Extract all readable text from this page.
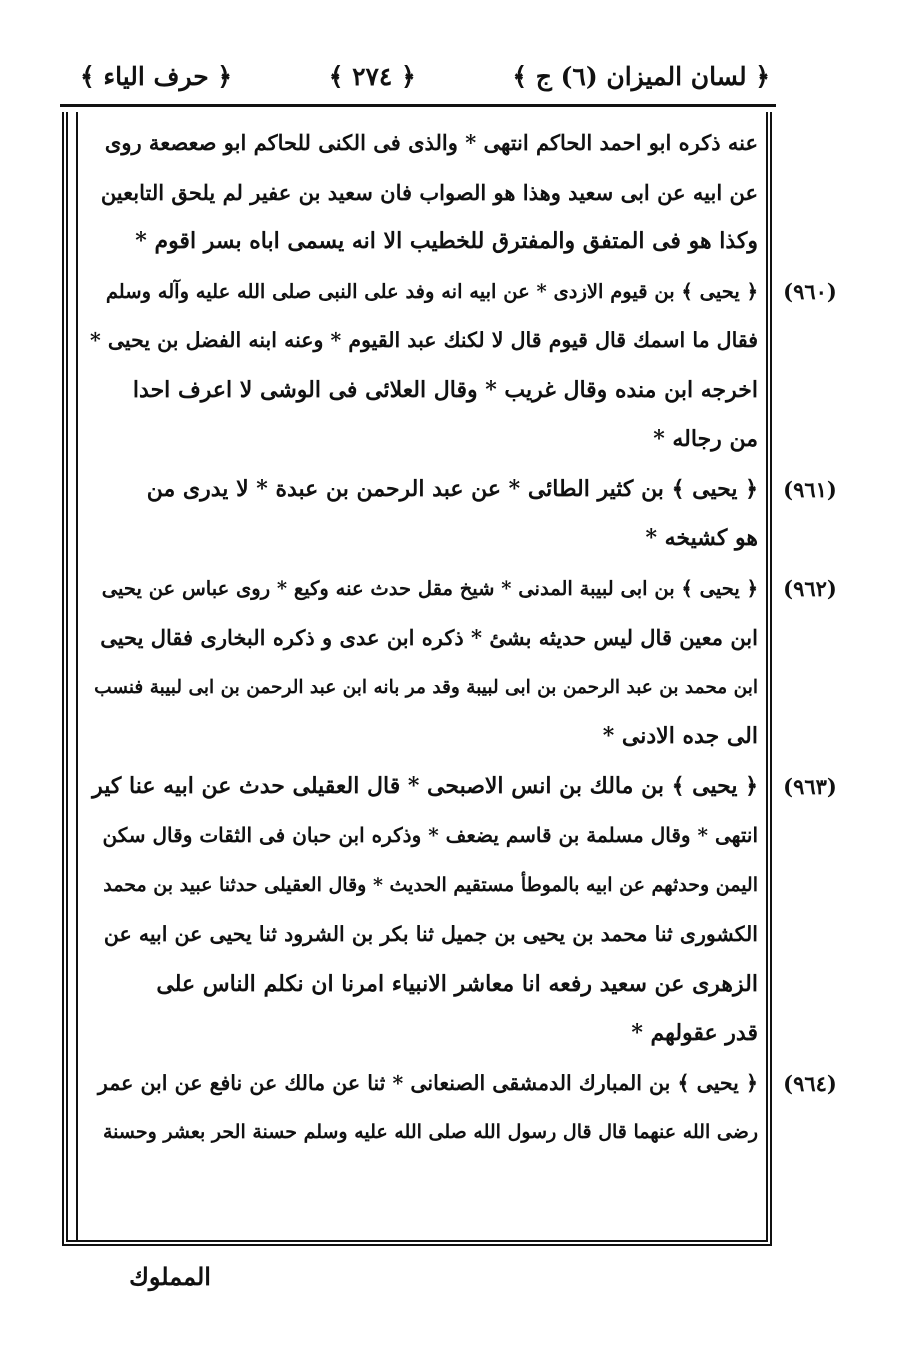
﴿ لسان الميزان (٦) ج ﴾
﴿ ٢٧٤ ﴾
﴿ حرف الياء ﴾
عنه ذكره ابو احمد الحاكم انتهى * والذى فى الكنى للحاكم ابو صعصعة روى
عن ابيه عن ابى سعيد وهذا هو الصواب فان سعيد بن عفير لم يلحق التابعين
وكذا هو فى المتفق والمفترق للخطيب الا انه يسمى اباه بسر اقوم *
﴿ يحيى ﴾ بن قيوم الازدى * عن ابيه انه وفد على النبى صلى الله عليه وآله وسلم
فقال ما اسمك قال قيوم قال لا لكنك عبد القيوم * وعنه ابنه الفضل بن يحيى *
اخرجه ابن منده وقال غريب * وقال العلائى فى الوشى لا اعرف احدا
من رجاله *
﴿ يحيى ﴾ بن كثير الطائى * عن عبد الرحمن بن عبدة * لا يدرى من
هو كشيخه *
﴿ يحيى ﴾ بن ابى لبيبة المدنى * شيخ مقل حدث عنه وكيع * روى عباس عن يحيى
ابن معين قال ليس حديثه بشئ * ذكره ابن عدى و ذكره البخارى فقال يحيى
ابن محمد بن عبد الرحمن بن ابى لبيبة وقد مر بانه ابن عبد الرحمن بن ابى لبيبة فنسب
الى جده الادنى *
﴿ يحيى ﴾ بن مالك بن انس الاصبحى * قال العقيلى حدث عن ابيه عنا كير
انتهى * وقال مسلمة بن قاسم يضعف * وذكره ابن حبان فى الثقات وقال سكن
اليمن وحدثهم عن ابيه بالموطأ مستقيم الحديث * وقال العقيلى حدثنا عبيد بن محمد
الكشورى ثنا محمد بن يحيى بن جميل ثنا بكر بن الشرود ثنا يحيى عن ابيه عن
الزهرى عن سعيد رفعه انا معاشر الانبياء امرنا ان نكلم الناس على
قدر عقولهم *
﴿ يحيى ﴾ بن المبارك الدمشقى الصنعانى * ثنا عن مالك عن نافع عن ابن عمر
رضى الله عنهما قال قال رسول الله صلى الله عليه وسلم حسنة الحر بعشر وحسنة
(٩٦٠)
(٩٦١)
(٩٦٢)
(٩٦٣)
(٩٦٤)
المملوك
